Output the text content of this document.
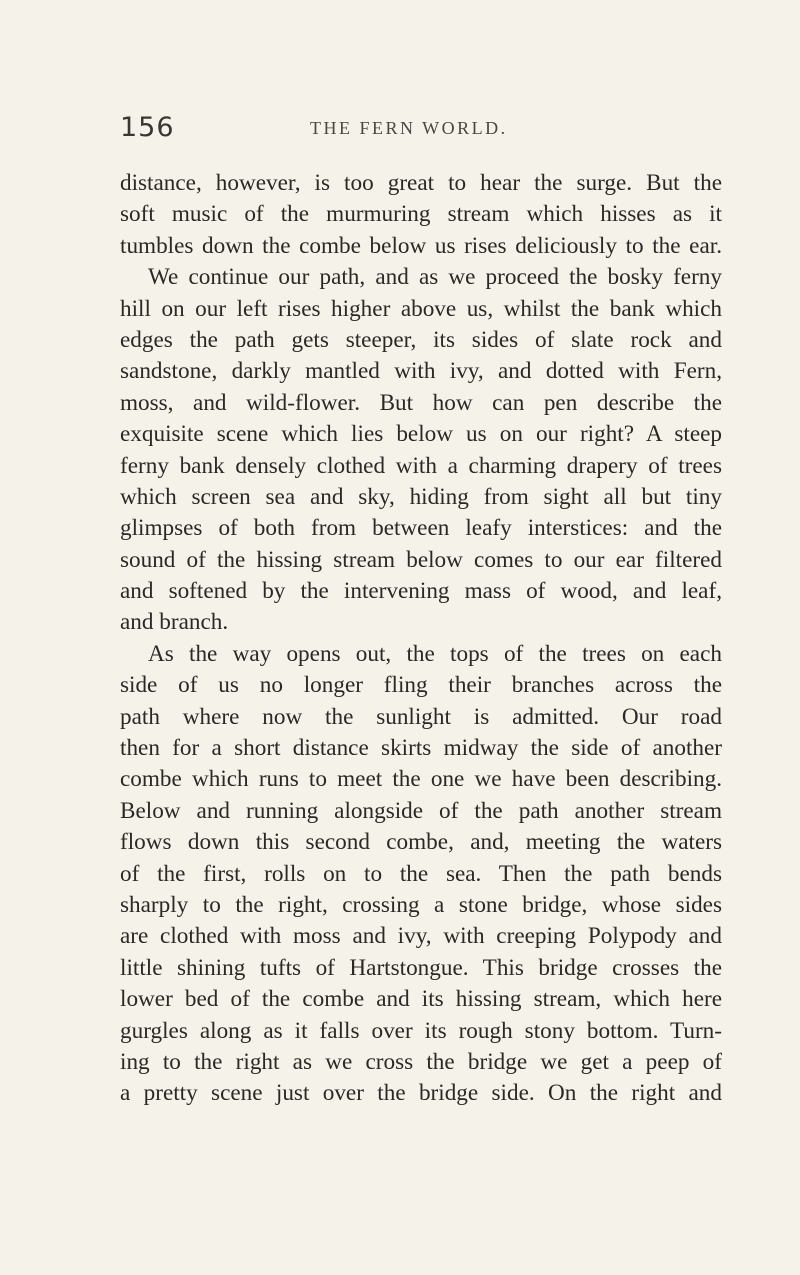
156	THE FERN WORLD.
distance, however, is too great to hear the surge. But the
soft music of the murmuring stream which hisses as it
tumbles down the combe below us rises deliciously to the ear.
We continue our path, and as we proceed the bosky ferny
hill on our left rises higher above us, whilst the bank which
edges the path gets steeper, its sides of slate rock and
sandstone, darkly mantled with ivy, and dotted with Fern,
moss, and wild-flower. But how can pen describe the
exquisite scene which lies below us on our right? A steep
ferny bank densely clothed with a charming drapery of trees
which screen sea and sky, hiding from sight all but tiny
glimpses of both from between leafy interstices: and the
sound of the hissing stream below comes to our ear filtered
and softened by the intervening mass of wood, and leaf,
and branch.
As the way opens out, the tops of the trees on each
side of us no longer fling their branches across the
path where now the sunlight is admitted. Our road
then for a short distance skirts midway the side of another
combe which runs to meet the one we have been describing.
Below and running alongside of the path another stream
flows down this second combe, and, meeting the waters
of the first, rolls on to the sea. Then the path bends
sharply to the right, crossing a stone bridge, whose sides
are clothed with moss and ivy, with creeping Polypody and
little shining tufts of Hartstongue. This bridge crosses the
lower bed of the combe and its hissing stream, which here
gurgles along as it falls over its rough stony bottom. Turn-
ing to the right as we cross the bridge we get a peep of
a pretty scene just over the bridge side. On the right and
